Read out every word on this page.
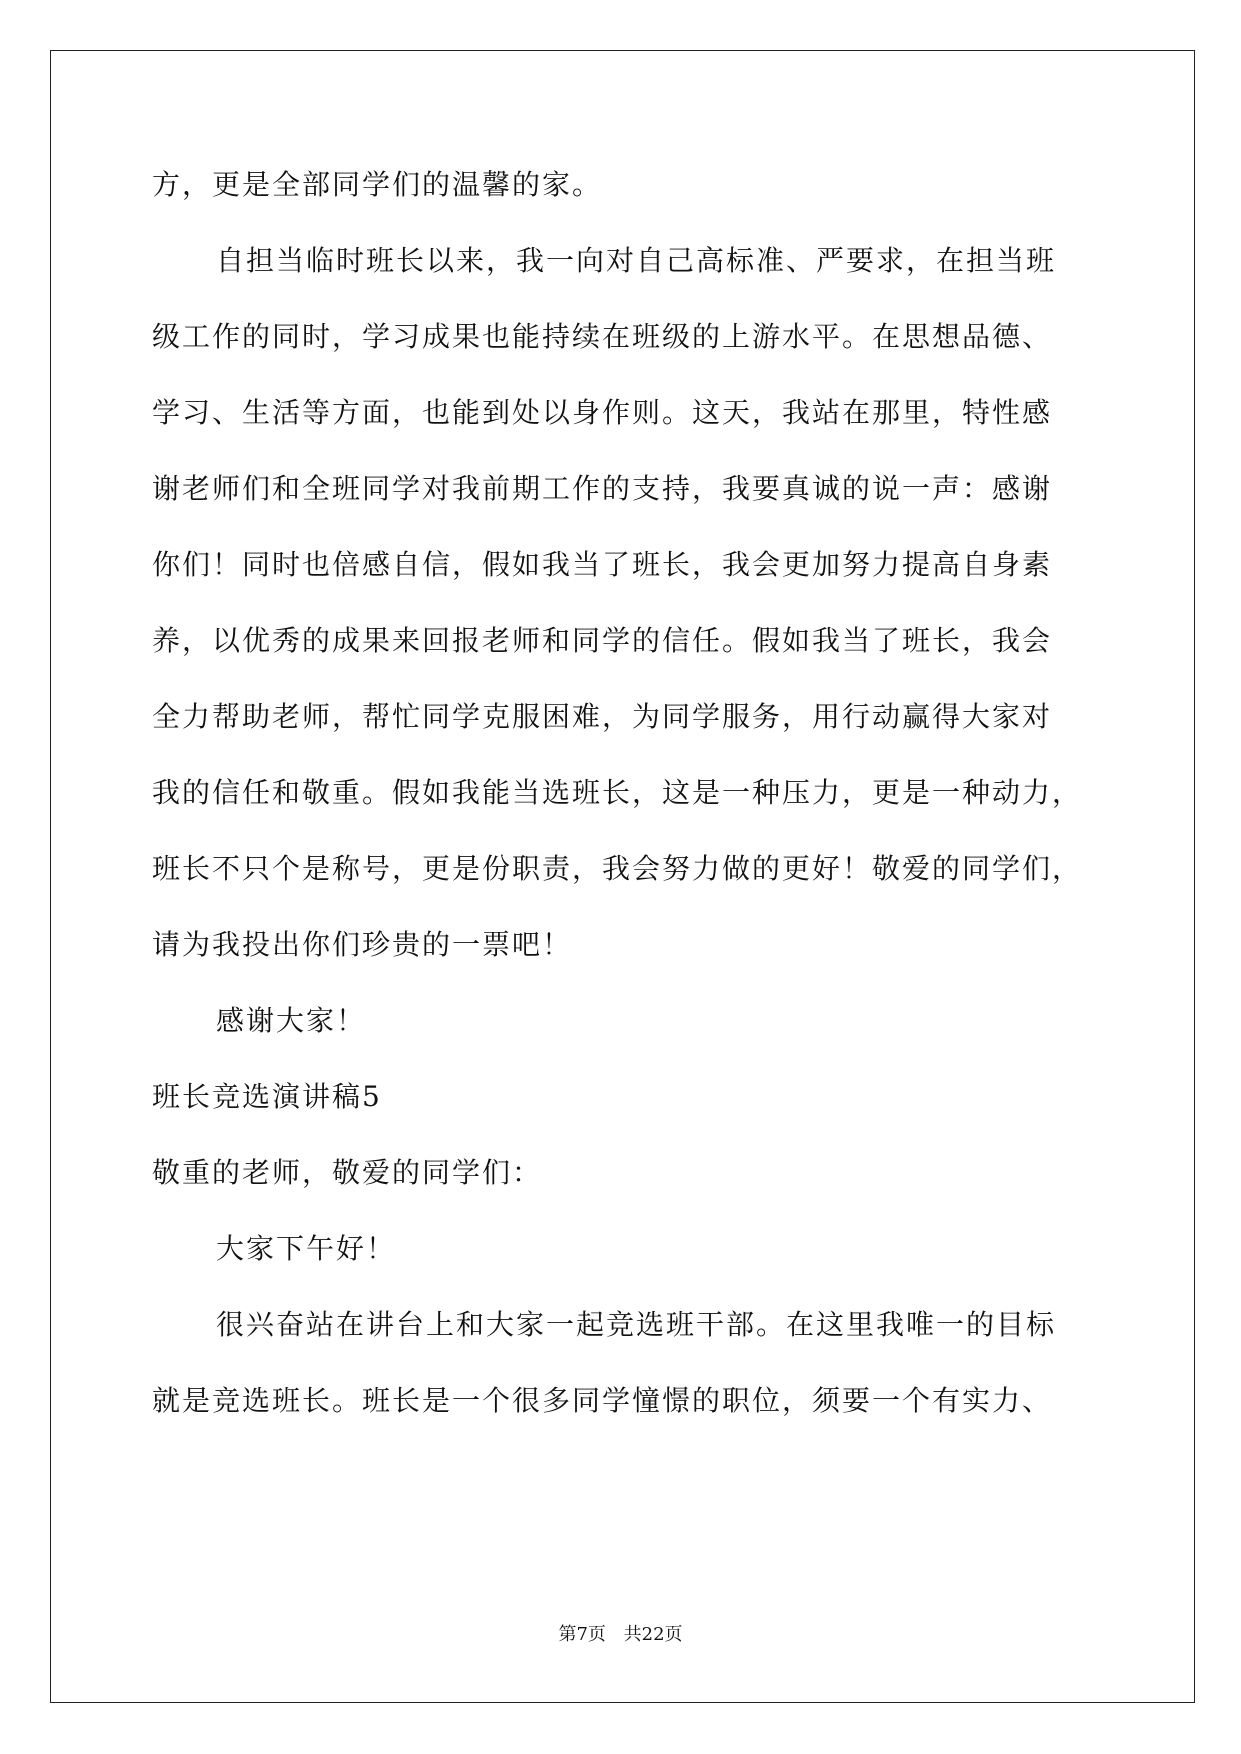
方，更是全部同学们的温馨的家。
自担当临时班长以来，我一向对自己高标准、严要求，在担当班
级工作的同时，学习成果也能持续在班级的上游水平。在思想品德、
学习、生活等方面，也能到处以身作则。这天，我站在那里，特性感
谢老师们和全班同学对我前期工作的支持，我要真诚的说一声：感谢
你们！同时也倍感自信，假如我当了班长，我会更加努力提高自身素
养，以优秀的成果来回报老师和同学的信任。假如我当了班长，我会
全力帮助老师，帮忙同学克服困难，为同学服务，用行动赢得大家对
我的信任和敬重。假如我能当选班长，这是一种压力，更是一种动力，
班长不只个是称号，更是份职责，我会努力做的更好！敬爱的同学们，
请为我投出你们珍贵的一票吧！
感谢大家！
班长竞选演讲稿5
敬重的老师，敬爱的同学们：
大家下午好！
很兴奋站在讲台上和大家一起竞选班干部。在这里我唯一的目标
就是竞选班长。班长是一个很多同学憧憬的职位，须要一个有实力、
第7页 共22页
